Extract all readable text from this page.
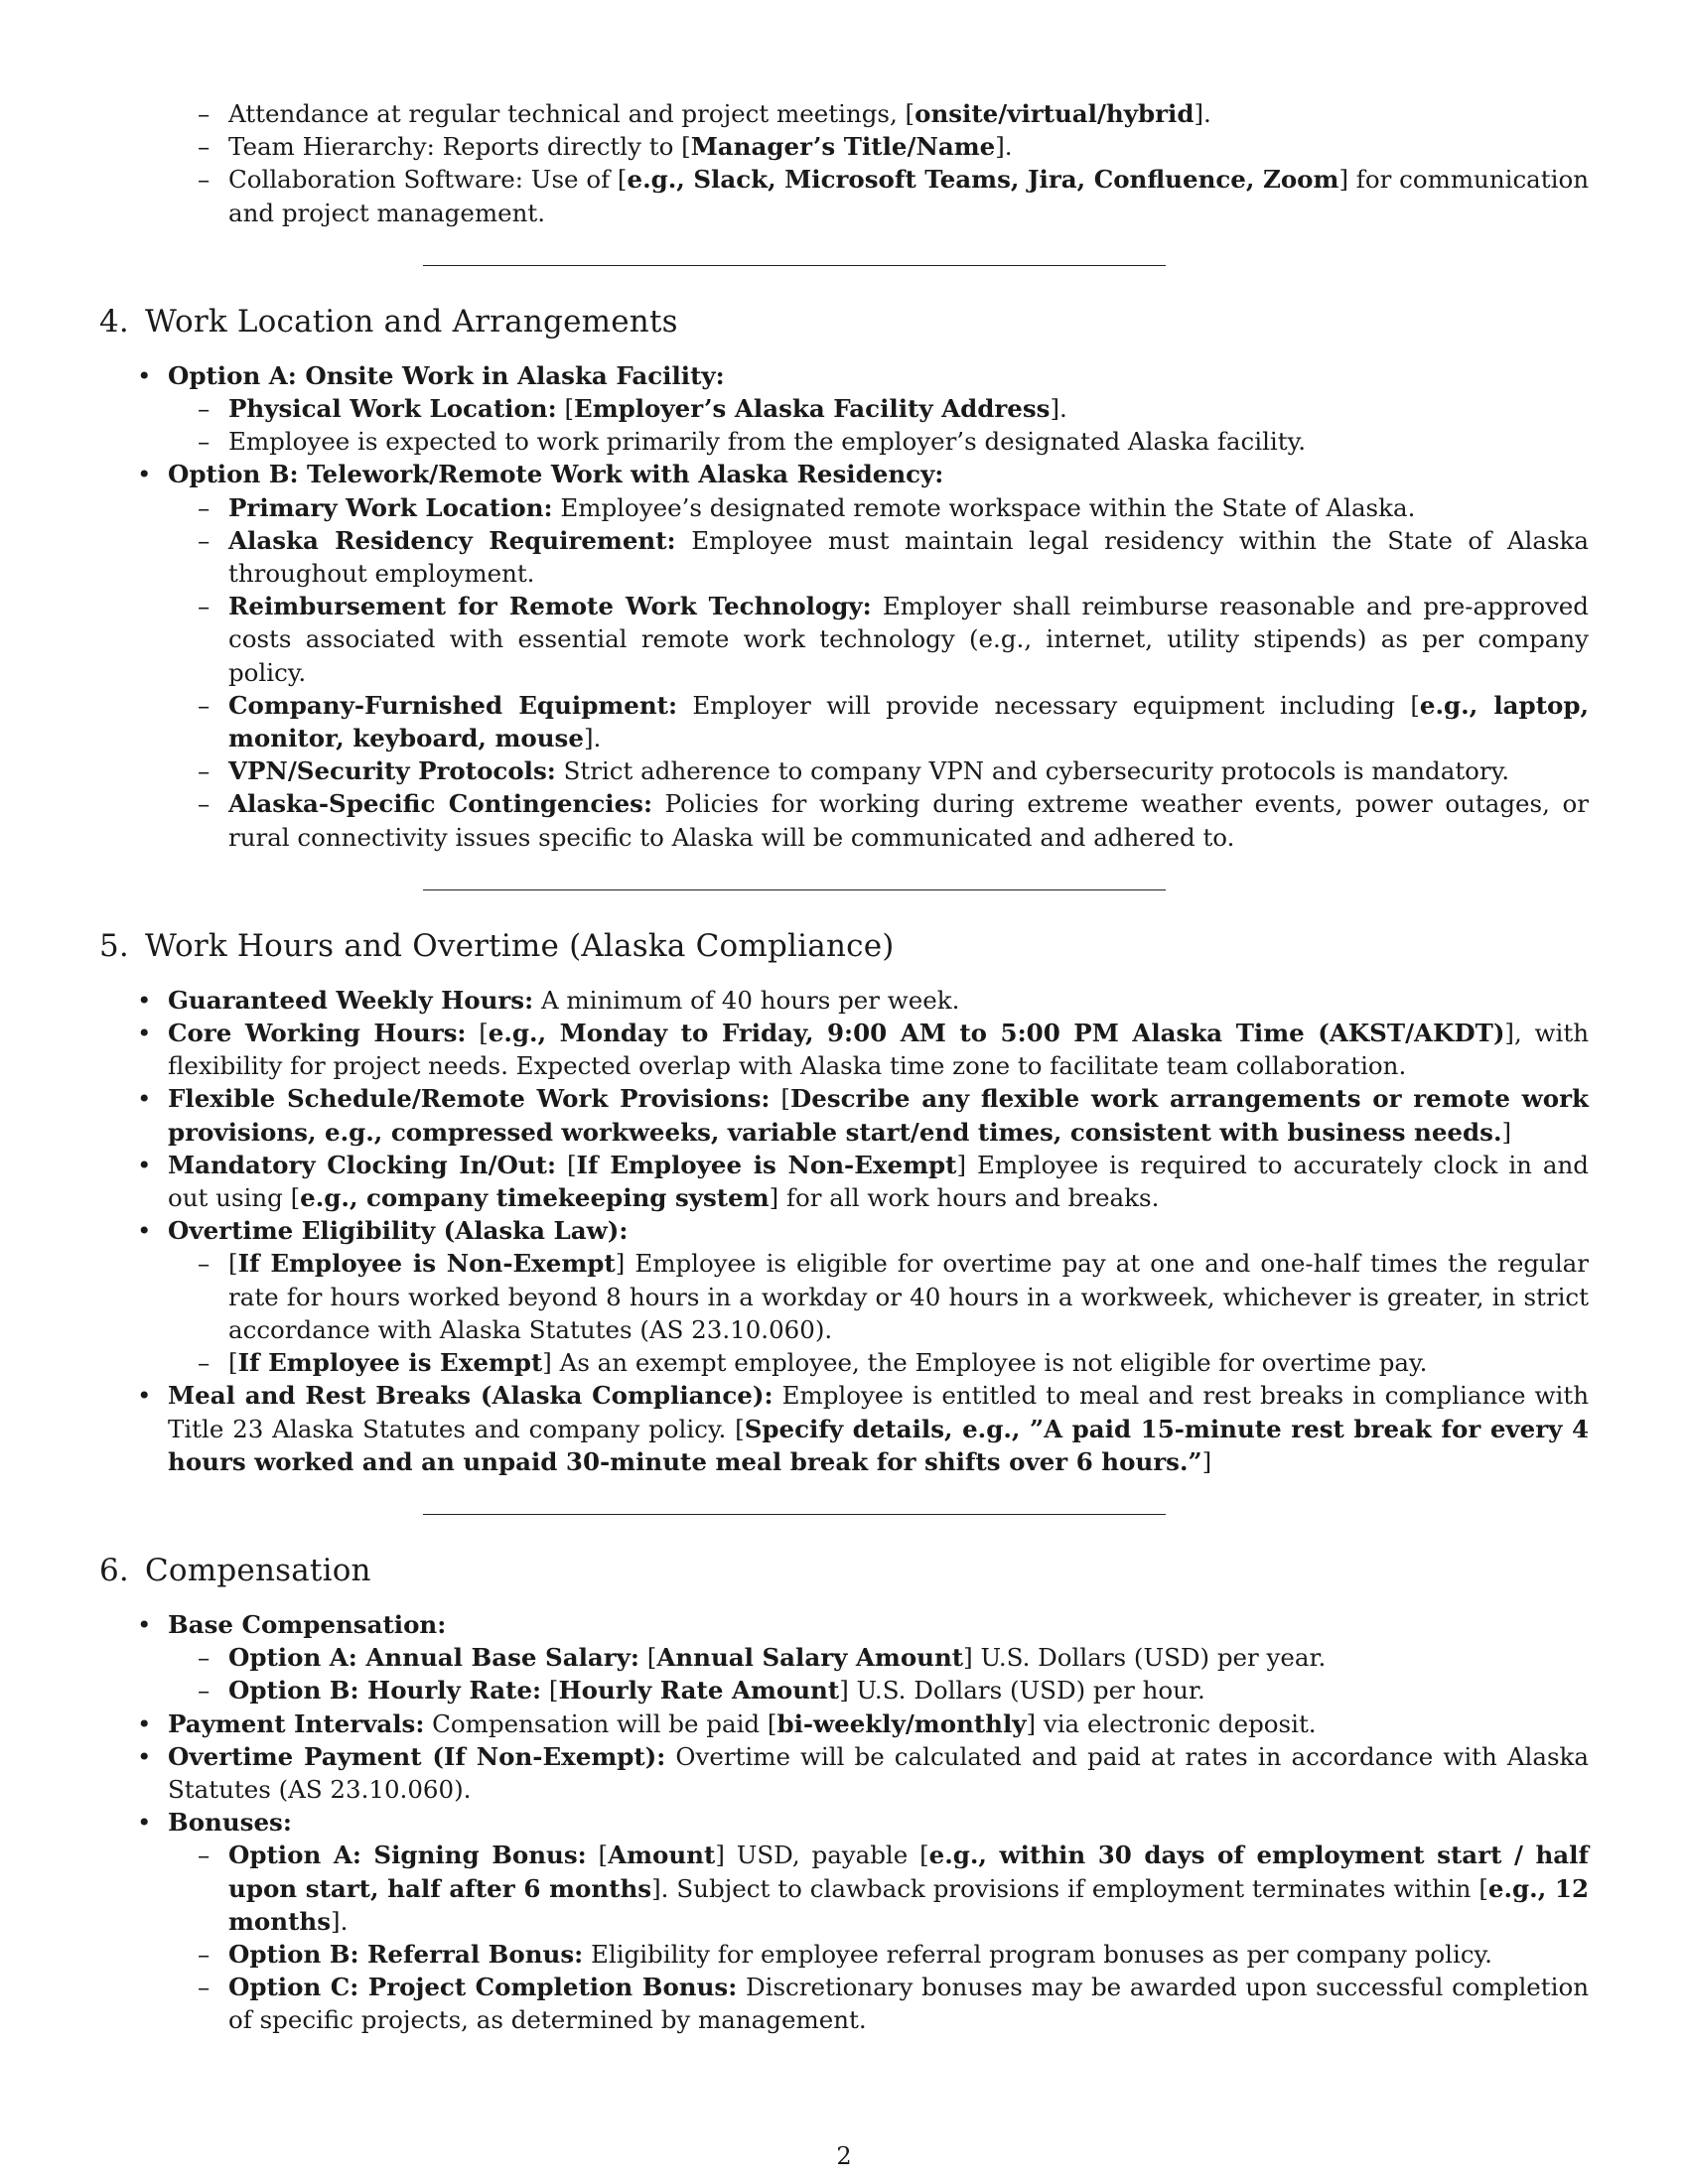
– Attendance at regular technical and project meetings, [onsite/virtual/hybrid].
– Team Hierarchy: Reports directly to [Manager’s Title/Name].
– Collaboration Software: Use of [e.g., Slack, Microsoft Teams, Jira, Confluence, Zoom] for communication and project management.
4. Work Location and Arrangements
• Option A: Onsite Work in Alaska Facility:
– Physical Work Location: [Employer’s Alaska Facility Address].
– Employee is expected to work primarily from the employer’s designated Alaska facility.
• Option B: Telework/Remote Work with Alaska Residency:
– Primary Work Location: Employee’s designated remote workspace within the State of Alaska.
– Alaska Residency Requirement: Employee must maintain legal residency within the State of Alaska throughout employment.
– Reimbursement for Remote Work Technology: Employer shall reimburse reasonable and pre-approved costs associated with essential remote work technology (e.g., internet, utility stipends) as per company policy.
– Company-Furnished Equipment: Employer will provide necessary equipment including [e.g., laptop, monitor, keyboard, mouse].
– VPN/Security Protocols: Strict adherence to company VPN and cybersecurity protocols is mandatory.
– Alaska-Specific Contingencies: Policies for working during extreme weather events, power outages, or rural connectivity issues specific to Alaska will be communicated and adhered to.
5. Work Hours and Overtime (Alaska Compliance)
• Guaranteed Weekly Hours: A minimum of 40 hours per week.
• Core Working Hours: [e.g., Monday to Friday, 9:00 AM to 5:00 PM Alaska Time (AKST/AKDT)], with flexibility for project needs. Expected overlap with Alaska time zone to facilitate team collaboration.
• Flexible Schedule/Remote Work Provisions: [Describe any flexible work arrangements or remote work provisions, e.g., compressed workweeks, variable start/end times, consistent with business needs.]
• Mandatory Clocking In/Out: [If Employee is Non-Exempt] Employee is required to accurately clock in and out using [e.g., company timekeeping system] for all work hours and breaks.
• Overtime Eligibility (Alaska Law):
– [If Employee is Non-Exempt] Employee is eligible for overtime pay at one and one-half times the regular rate for hours worked beyond 8 hours in a workday or 40 hours in a workweek, whichever is greater, in strict accordance with Alaska Statutes (AS 23.10.060).
– [If Employee is Exempt] As an exempt employee, the Employee is not eligible for overtime pay.
• Meal and Rest Breaks (Alaska Compliance): Employee is entitled to meal and rest breaks in compliance with Title 23 Alaska Statutes and company policy. [Specify details, e.g., ”A paid 15-minute rest break for every 4 hours worked and an unpaid 30-minute meal break for shifts over 6 hours.”]
6. Compensation
• Base Compensation:
– Option A: Annual Base Salary: [Annual Salary Amount] U.S. Dollars (USD) per year.
– Option B: Hourly Rate: [Hourly Rate Amount] U.S. Dollars (USD) per hour.
• Payment Intervals: Compensation will be paid [bi-weekly/monthly] via electronic deposit.
• Overtime Payment (If Non-Exempt): Overtime will be calculated and paid at rates in accordance with Alaska Statutes (AS 23.10.060).
• Bonuses:
– Option A: Signing Bonus: [Amount] USD, payable [e.g., within 30 days of employment start / half upon start, half after 6 months]. Subject to clawback provisions if employment terminates within [e.g., 12 months].
– Option B: Referral Bonus: Eligibility for employee referral program bonuses as per company policy.
– Option C: Project Completion Bonus: Discretionary bonuses may be awarded upon successful completion of specific projects, as determined by management.
2
